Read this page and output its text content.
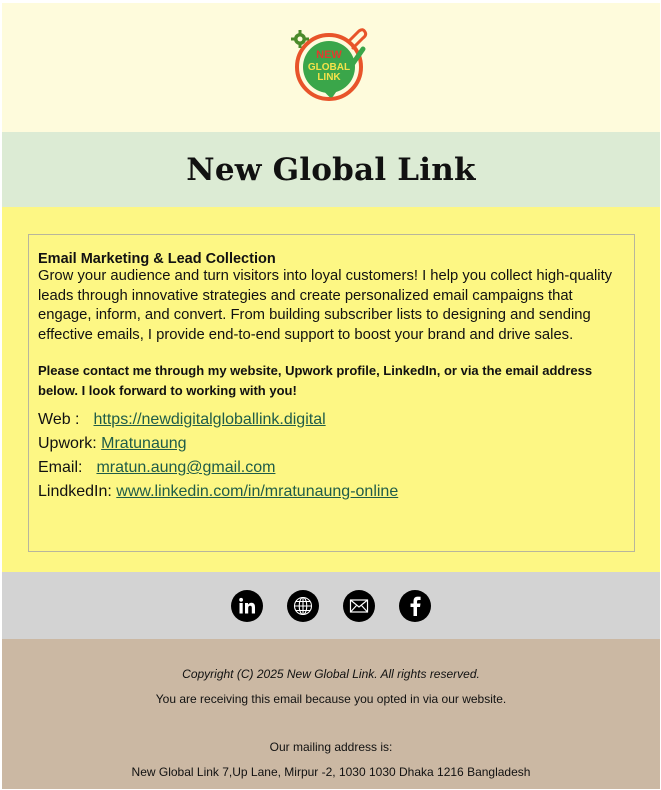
NEW
GLOBAL
LINK
New Global Link

Email Marketing & Lead Collection

Grow your audience and turn visitors into loyal customers! I help you collect high-quality leads through innovative strategies and create personalized email campaigns that engage, inform, and convert. From building subscriber lists to designing and sending effective emails, I provide end-to-end support to boost your brand and drive sales.

Please contact me through my website, Upwork profile, LinkedIn, or via the email address below. I look forward to working with you!

Web : https://newdigitalgloballink.digital
Upwork: Mratunaung
Email: mratun.aung@gmail.com
LindkedIn: www.linkedin.com/in/mratunaung-online

Copyright (C) 2025 New Global Link. All rights reserved.

You are receiving this email because you opted in via our website.

Our mailing address is:

New Global Link 7,Up Lane, Mirpur -2, 1030 1030 Dhaka 1216 Bangladesh
